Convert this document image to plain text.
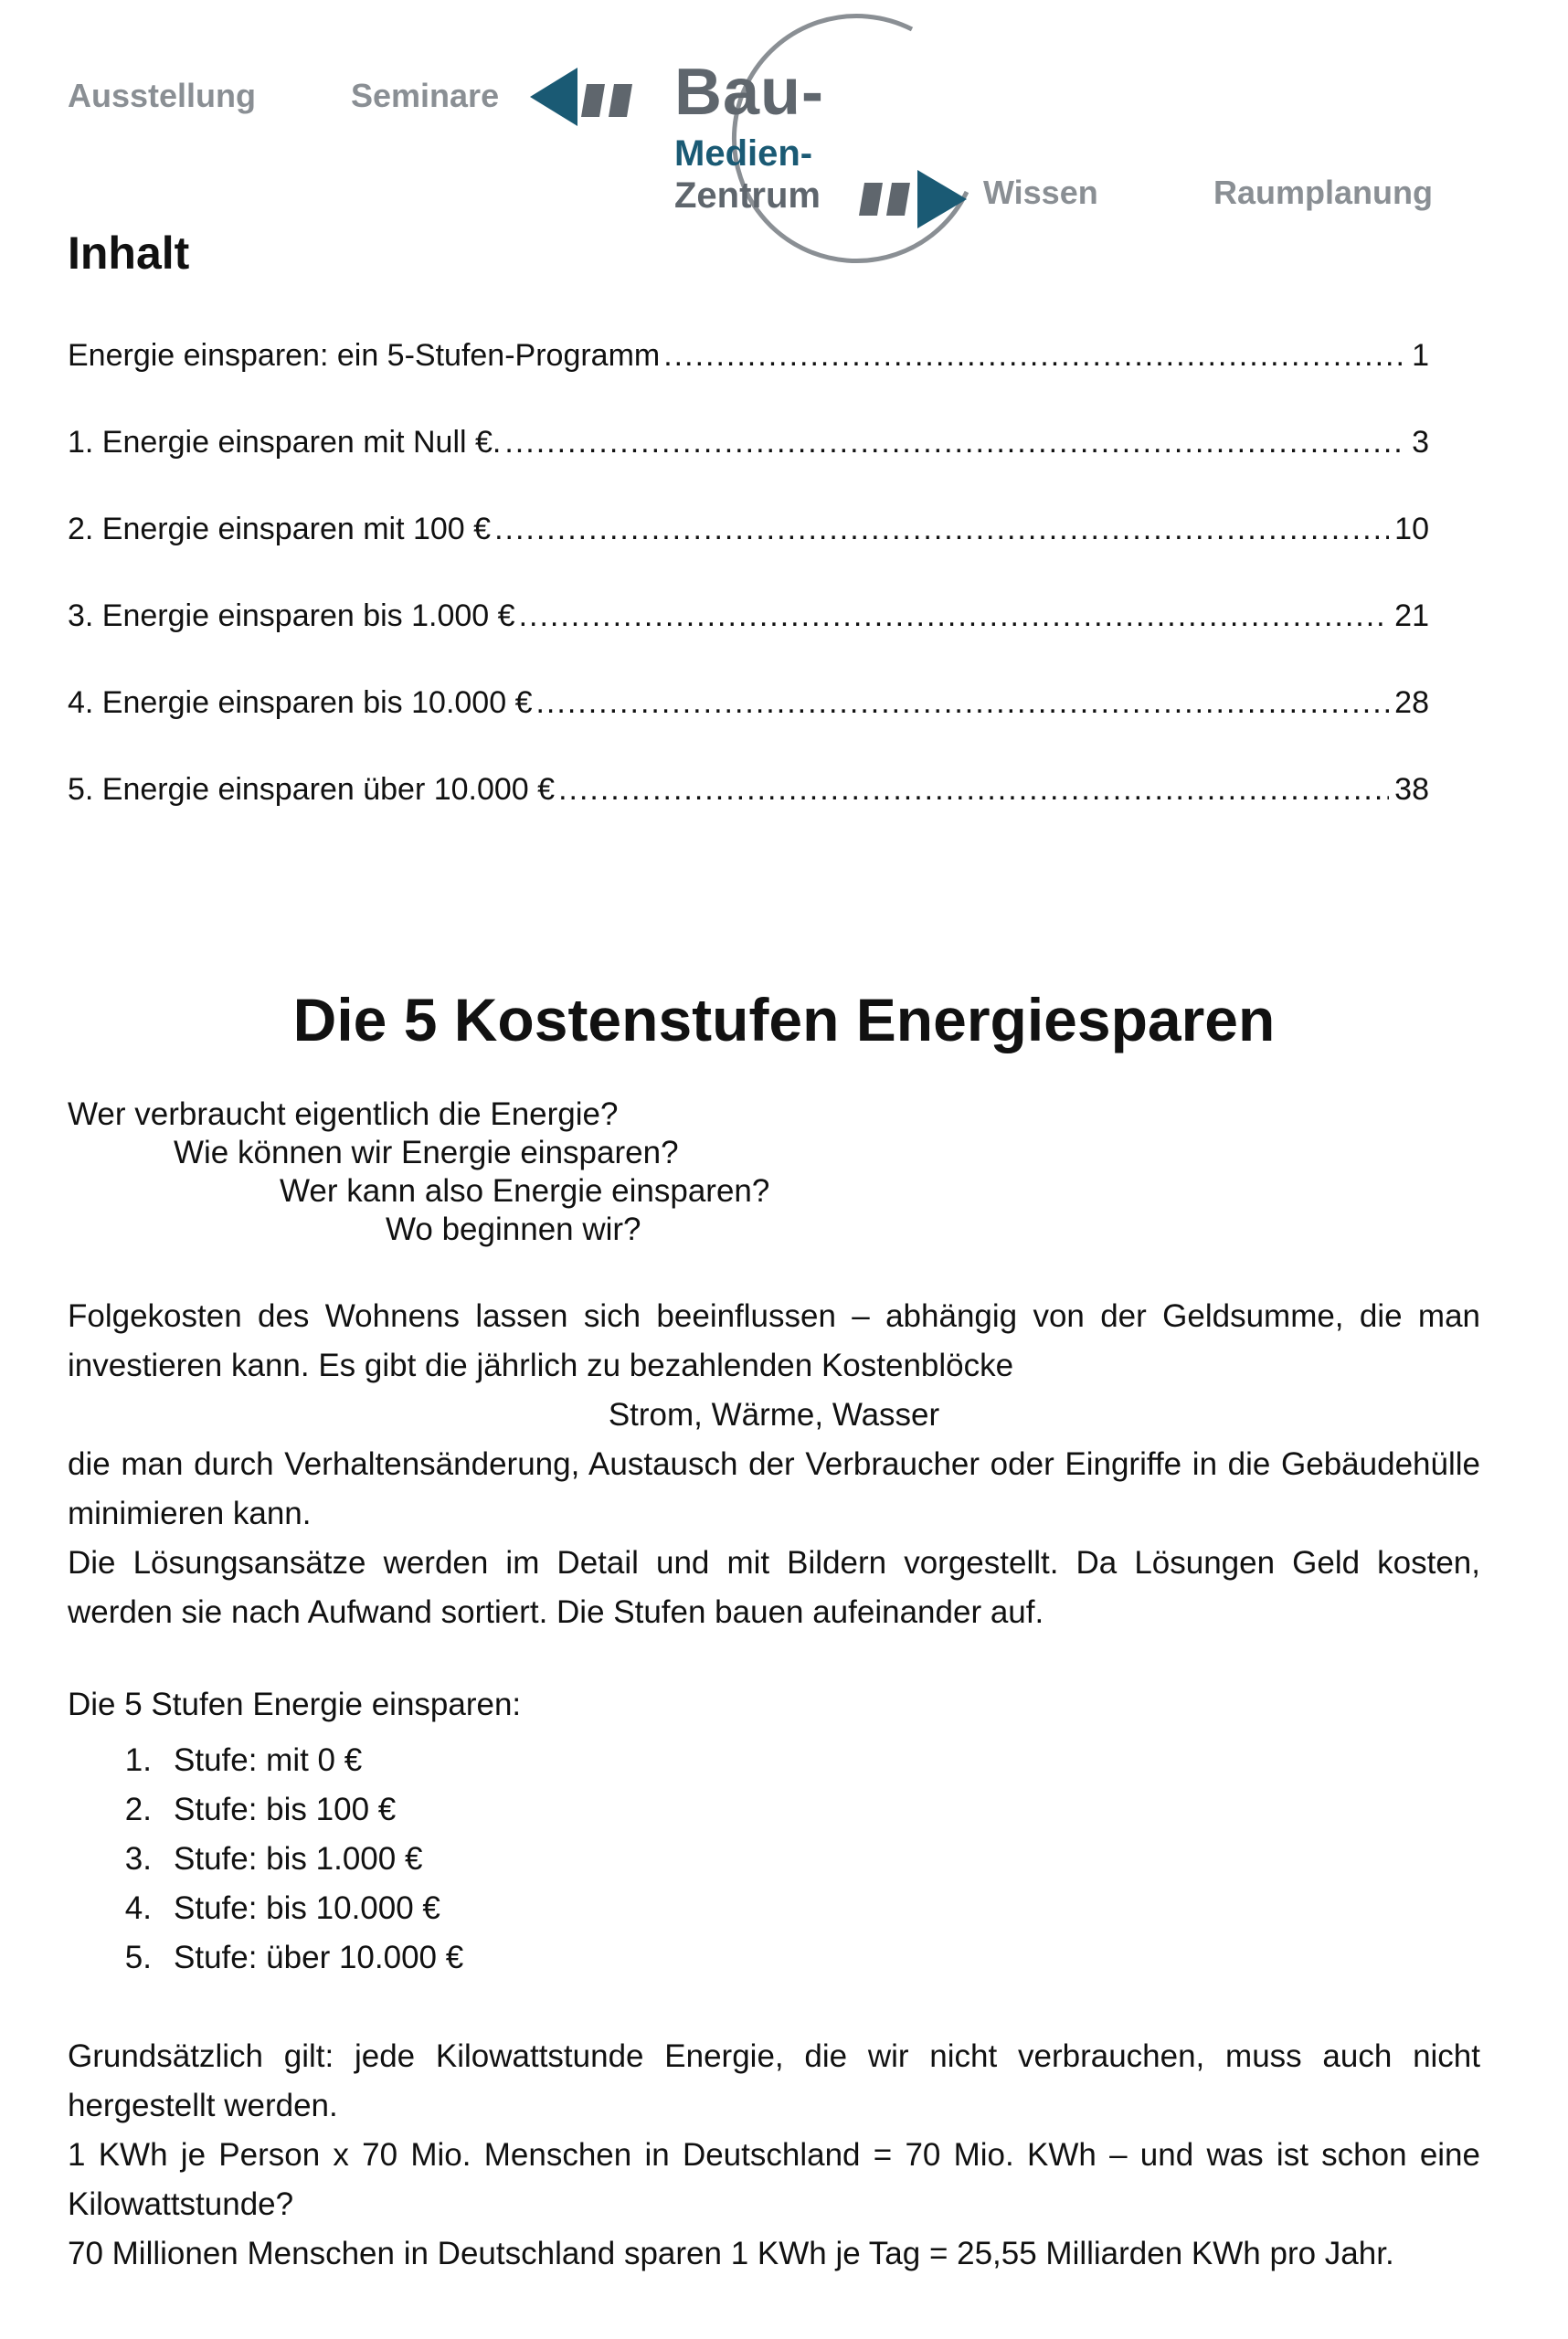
Ausstellung	Seminare
Wissen	Raumplanung
Bau-
Medien-
Zentrum
Inhalt
Energie einsparen: ein 5-Stufen-Programm .....	1
1. Energie einsparen mit Null €. .....	3
2. Energie einsparen mit 100 € .....	10
3. Energie einsparen bis 1.000 € .....	21
4. Energie einsparen bis 10.000 € .....	28
5. Energie einsparen über 10.000 € .....	38
Die 5 Kostenstufen Energiesparen
Wer verbraucht eigentlich die Energie?
Wie können wir Energie einsparen?
Wer kann also Energie einsparen?
Wo beginnen wir?

Folgekosten des Wohnens lassen sich beeinflussen – abhängig von der Geldsumme, die man investieren kann. Es gibt die jährlich zu bezahlenden Kostenblöcke

Strom, Wärme, Wasser

die man durch Verhaltensänderung, Austausch der Verbraucher oder Eingriffe in die Gebäudehülle minimieren kann.

Die Lösungsansätze werden im Detail und mit Bildern vorgestellt. Da Lösungen Geld kosten, werden sie nach Aufwand sortiert. Die Stufen bauen aufeinander auf.

Die 5 Stufen Energie einsparen:
1. Stufe: mit 0 €
2. Stufe: bis 100 €
3. Stufe: bis 1.000 €
4. Stufe: bis 10.000 €
5. Stufe: über 10.000 €

Grundsätzlich gilt: jede Kilowattstunde Energie, die wir nicht verbrauchen, muss auch nicht hergestellt werden.

1 KWh je Person x 70 Mio. Menschen in Deutschland = 70 Mio. KWh – und was ist schon eine Kilowattstunde?

70 Millionen Menschen in Deutschland sparen 1 KWh je Tag = 25,55 Milliarden KWh pro Jahr.
